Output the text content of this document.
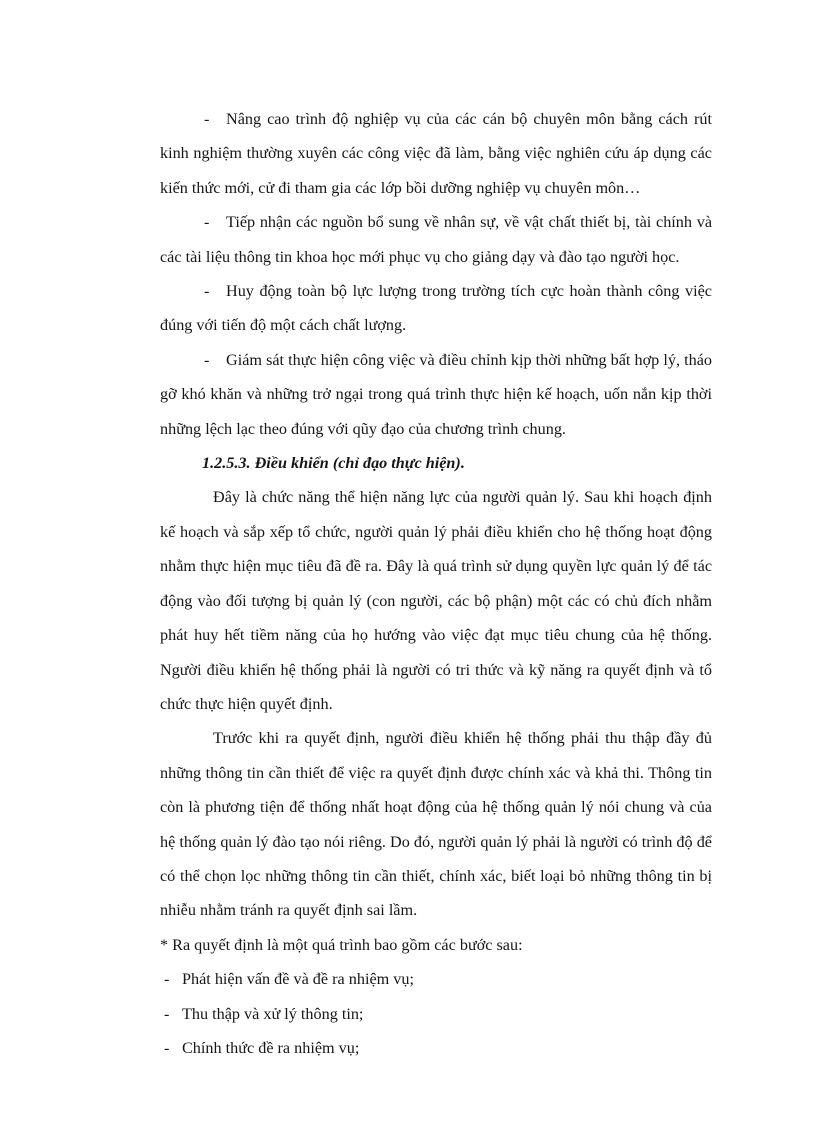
- Nâng cao trình độ nghiệp vụ của các cán bộ chuyên môn bằng cách rút kinh nghiệm thường xuyên các công việc đã làm, bằng việc nghiên cứu áp dụng các kiến thức mới, cử đi tham gia các lớp bồi dưỡng nghiệp vụ chuyên môn…

- Tiếp nhận các nguồn bổ sung về nhân sự, về vật chất thiết bị, tài chính và các tài liệu thông tin khoa học mới phục vụ cho giảng dạy và đào tạo người học.

- Huy động toàn bộ lực lượng trong trường tích cực hoàn thành công việc đúng với tiến độ một cách chất lượng.

- Giám sát thực hiện công việc và điều chỉnh kịp thời những bất hợp lý, tháo gỡ khó khăn và những trở ngại trong quá trình thực hiện kế hoạch, uốn nắn kịp thời những lệch lạc theo đúng với qũy đạo của chương trình chung.

1.2.5.3. Điều khiển (chỉ đạo thực hiện).

Đây là chức năng thể hiện năng lực của người quản lý. Sau khi hoạch định kế hoạch và sắp xếp tổ chức, người quản lý phải điều khiển cho hệ thống hoạt động nhằm thực hiện mục tiêu đã đề ra. Đây là quá trình sử dụng quyền lực quản lý để tác động vào đối tượng bị quản lý (con người, các bộ phận) một các có chủ đích nhằm phát huy hết tiềm năng của họ hướng vào việc đạt mục tiêu chung của hệ thống. Người điều khiển hệ thống phải là người có tri thức và kỹ năng ra quyết định và tổ chức thực hiện quyết định.

Trước khi ra quyết định, người điều khiển hệ thống phải thu thập đầy đủ những thông tin cần thiết để việc ra quyết định được chính xác và khả thi. Thông tin còn là phương tiện để thống nhất hoạt động của hệ thống quản lý nói chung và của hệ thống quản lý đào tạo nói riêng. Do đó, người quản lý phải là người có trình độ để có thể chọn lọc những thông tin cần thiết, chính xác, biết loại bỏ những thông tin bị nhiễu nhằm tránh ra quyết định sai lầm.

* Ra quyết định là một quá trình bao gồm các bước sau:

- Phát hiện vấn đề và đề ra nhiệm vụ;

- Thu thập và xử lý thông tin;

- Chính thức đề ra nhiệm vụ;
